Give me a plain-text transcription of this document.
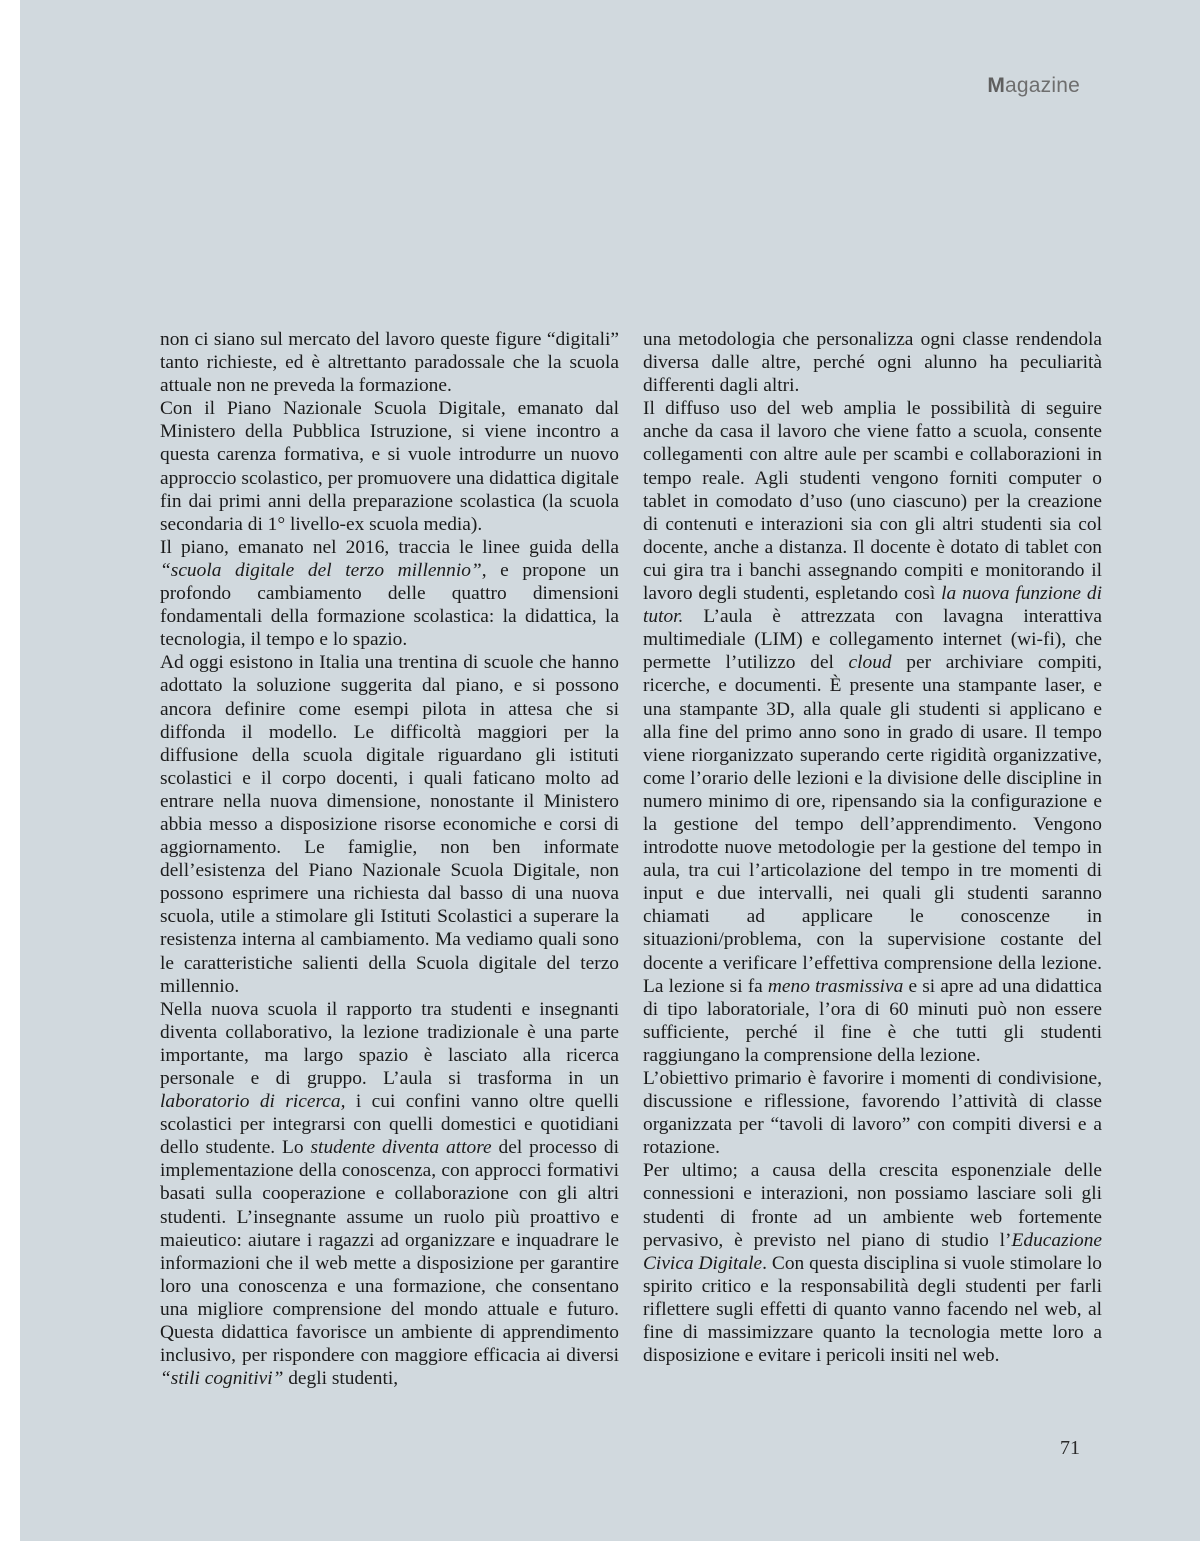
Magazine

non ci siano sul mercato del lavoro queste figure “digitali” tanto richieste, ed è altrettanto paradossale che la scuola attuale non ne preveda la formazione.

Con il Piano Nazionale Scuola Digitale, emanato dal Ministero della Pubblica Istruzione, si viene incontro a questa carenza formativa, e si vuole introdurre un nuovo approccio scolastico, per promuovere una didattica digitale fin dai primi anni della preparazione scolastica (la scuola secondaria di 1° livello-ex scuola media).

Il piano, emanato nel 2016, traccia le linee guida della “scuola digitale del terzo millennio”, e propone un profondo cambiamento delle quattro dimensioni fondamentali della formazione scolastica: la didattica, la tecnologia, il tempo e lo spazio.

Ad oggi esistono in Italia una trentina di scuole che hanno adottato la soluzione suggerita dal piano, e si possono ancora definire come esempi pilota in attesa che si diffonda il modello. Le difficoltà maggiori per la diffusione della scuola digitale riguardano gli istituti scolastici e il corpo docenti, i quali faticano molto ad entrare nella nuova dimensione, nonostante il Ministero abbia messo a disposizione risorse economiche e corsi di aggiornamento. Le famiglie, non ben informate dell’esistenza del Piano Nazionale Scuola Digitale, non possono esprimere una richiesta dal basso di una nuova scuola, utile a stimolare gli Istituti Scolastici a superare la resistenza interna al cambiamento. Ma vediamo quali sono le caratteristiche salienti della Scuola digitale del terzo millennio.

Nella nuova scuola il rapporto tra studenti e insegnanti diventa collaborativo, la lezione tradizionale è una parte importante, ma largo spazio è lasciato alla ricerca personale e di gruppo. L’aula si trasforma in un laboratorio di ricerca, i cui confini vanno oltre quelli scolastici per integrarsi con quelli domestici e quotidiani dello studente. Lo studente diventa attore del processo di implementazione della conoscenza, con approcci formativi basati sulla cooperazione e collaborazione con gli altri studenti. L’insegnante assume un ruolo più proattivo e maieutico: aiutare i ragazzi ad organizzare e inquadrare le informazioni che il web mette a disposizione per garantire loro una conoscenza e una formazione, che consentano una migliore comprensione del mondo attuale e futuro. Questa didattica favorisce un ambiente di apprendimento inclusivo, per rispondere con maggiore efficacia ai diversi “stili cognitivi” degli studenti,

una metodologia che personalizza ogni classe rendendola diversa dalle altre, perché ogni alunno ha peculiarità differenti dagli altri.

Il diffuso uso del web amplia le possibilità di seguire anche da casa il lavoro che viene fatto a scuola, consente collegamenti con altre aule per scambi e collaborazioni in tempo reale. Agli studenti vengono forniti computer o tablet in comodato d’uso (uno ciascuno) per la creazione di contenuti e interazioni sia con gli altri studenti sia col docente, anche a distanza. Il docente è dotato di tablet con cui gira tra i banchi assegnando compiti e monitorando il lavoro degli studenti, espletando così la nuova funzione di tutor. L’aula è attrezzata con lavagna interattiva multimediale (LIM) e collegamento internet (wi-fi), che permette l’utilizzo del cloud per archiviare compiti, ricerche, e documenti. È presente una stampante laser, e una stampante 3D, alla quale gli studenti si applicano e alla fine del primo anno sono in grado di usare. Il tempo viene riorganizzato superando certe rigidità organizzative, come l’orario delle lezioni e la divisione delle discipline in numero minimo di ore, ripensando sia la configurazione e la gestione del tempo dell’apprendimento. Vengono introdotte nuove metodologie per la gestione del tempo in aula, tra cui l’articolazione del tempo in tre momenti di input e due intervalli, nei quali gli studenti saranno chiamati ad applicare le conoscenze in situazioni/problema, con la supervisione costante del docente a verificare l’effettiva comprensione della lezione. La lezione si fa meno trasmissiva e si apre ad una didattica di tipo laboratoriale, l’ora di 60 minuti può non essere sufficiente, perché il fine è che tutti gli studenti raggiungano la comprensione della lezione.

L’obiettivo primario è favorire i momenti di condivisione, discussione e riflessione, favorendo l’attività di classe organizzata per “tavoli di lavoro” con compiti diversi e a rotazione.

Per ultimo; a causa della crescita esponenziale delle connessioni e interazioni, non possiamo lasciare soli gli studenti di fronte ad un ambiente web fortemente pervasivo, è previsto nel piano di studio l’Educazione Civica Digitale. Con questa disciplina si vuole stimolare lo spirito critico e la responsabilità degli studenti per farli riflettere sugli effetti di quanto vanno facendo nel web, al fine di massimizzare quanto la tecnologia mette loro a disposizione e evitare i pericoli insiti nel web.

71
